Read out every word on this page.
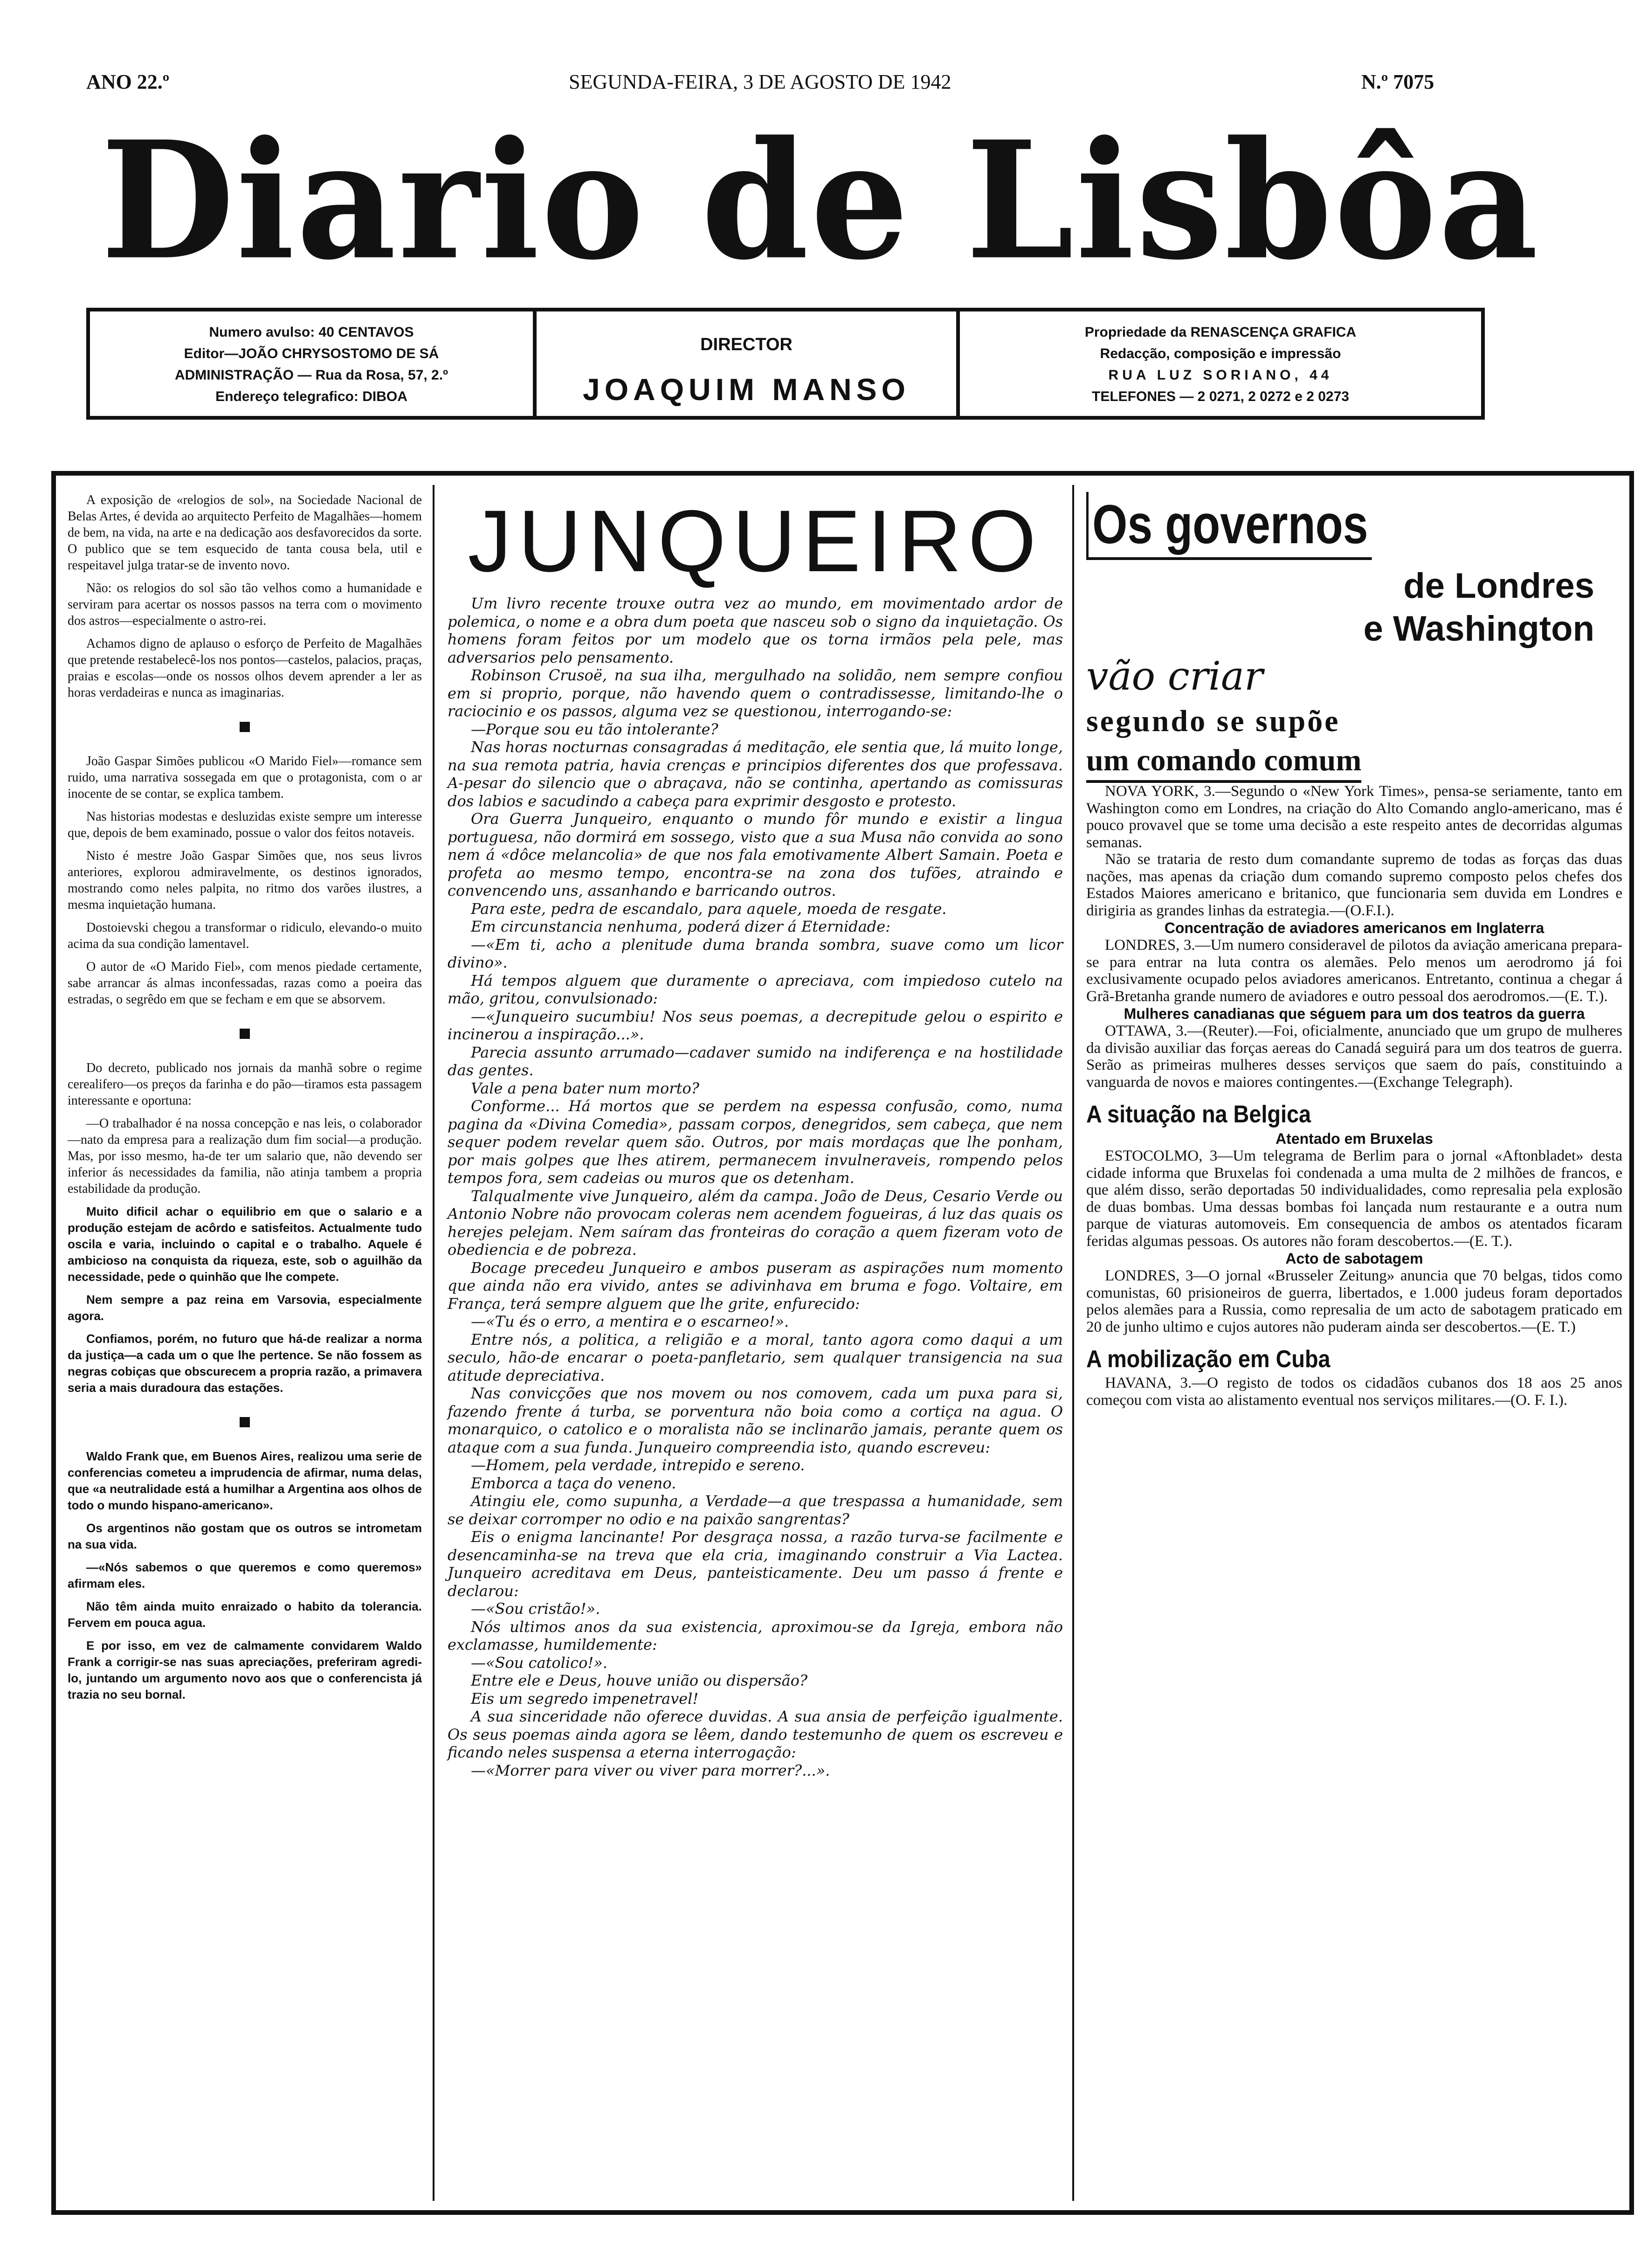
ANO 22.º	SEGUNDA-FEIRA, 3 DE AGOSTO DE 1942	N.º 7075
Diario de Lisbôa
Numero avulso: 40 CENTAVOS
Editor—JOÃO CHRYSOSTOMO DE SÁ
ADMINISTRAÇÃO — Rua da Rosa, 57, 2.º
Endereço telegrafico: DIBOA
DIRECTOR
JOAQUIM MANSO
Propriedade da RENASCENÇA GRAFICA
Redacção, composição e impressão
RUA LUZ SORIANO, 44
TELEFONES — 2 0271, 2 0272 e 2 0273

A exposição de «relogios de sol», na Sociedade Nacional de Belas Artes, é devida ao arquitecto Perfeito de Magalhães—homem de bem, na vida, na arte e na dedicação aos desfavorecidos da sorte. O publico que se tem esquecido de tanta cousa bela, util e respeitavel julga tratar-se de invento novo.

Não: os relogios do sol são tão velhos como a humanidade e serviram para acertar os nossos passos na terra com o movimento dos astros—especialmente o astro-rei.

Achamos digno de aplauso o esforço de Perfeito de Magalhães que pretende restabelecê-los nos pontos—castelos, palacios, praças, praias e escolas—onde os nossos olhos devem aprender a ler as horas verdadeiras e nunca as imaginarias.

João Gaspar Simões publicou «O Marido Fiel»—romance sem ruido, uma narrativa sossegada em que o protagonista, com o ar inocente de se contar, se explica tambem.

Nas historias modestas e desluzidas existe sempre um interesse que, depois de bem examinado, possue o valor dos feitos notaveis.

Nisto é mestre João Gaspar Simões que, nos seus livros anteriores, explorou admiravelmente, os destinos ignorados, mostrando como neles palpita, no ritmo dos varões ilustres, a mesma inquietação humana.

Dostoievski chegou a transformar o ridiculo, elevando-o muito acima da sua condição lamentavel.

O autor de «O Marido Fiel», com menos piedade certamente, sabe arrancar ás almas inconfessadas, razas como a poeira das estradas, o segrêdo em que se fecham e em que se absorvem.

Do decreto, publicado nos jornais da manhã sobre o regime cerealifero—os preços da farinha e do pão—tiramos esta passagem interessante e oportuna:

—O trabalhador é na nossa concepção e nas leis, o colaborador—nato da empresa para a realização dum fim social—a produção. Mas, por isso mesmo, ha-de ter um salario que, não devendo ser inferior ás necessidades da familia, não atinja tambem a propria estabilidade da produção.

Muito dificil achar o equilibrio em que o salario e a produção estejam de acôrdo e satisfeitos. Actualmente tudo oscila e varia, incluindo o capital e o trabalho. Aquele é ambicioso na conquista da riqueza, este, sob o aguilhão da necessidade, pede o quinhão que lhe compete.

Nem sempre a paz reina em Varsovia, especialmente agora.

Confiamos, porém, no futuro que há-de realizar a norma da justiça—a cada um o que lhe pertence. Se não fossem as negras cobiças que obscurecem a propria razão, a primavera seria a mais duradoura das estações.

Waldo Frank que, em Buenos Aires, realizou uma serie de conferencias cometeu a imprudencia de afirmar, numa delas, que «a neutralidade está a humilhar a Argentina aos olhos de todo o mundo hispano-americano».

Os argentinos não gostam que os outros se intrometam na sua vida.

—«Nós sabemos o que queremos e como queremos» afirmam eles.

Não têm ainda muito enraizado o habito da tolerancia. Fervem em pouca agua.

E por isso, em vez de calmamente convidarem Waldo Frank a corrigir-se nas suas apreciações, preferiram agredi-lo, juntando um argumento novo aos que o conferencista já trazia no seu bornal.

JUNQUEIRO

Um livro recente trouxe outra vez ao mundo, em movimentado ardor de polemica, o nome e a obra dum poeta que nasceu sob o signo da inquietação. Os homens foram feitos por um modelo que os torna irmãos pela pele, mas adversarios pelo pensamento.

Robinson Crusoë, na sua ilha, mergulhado na solidão, nem sempre confiou em si proprio, porque, não havendo quem o contradissesse, limitando-lhe o raciocinio e os passos, alguma vez se questionou, interrogando-se:

—Porque sou eu tão intolerante?

Nas horas nocturnas consagradas á meditação, ele sentia que, lá muito longe, na sua remota patria, havia crenças e principios diferentes dos que professava. A-pesar do silencio que o abraçava, não se continha, apertando as comissuras dos labios e sacudindo a cabeça para exprimir desgosto e protesto.

Ora Guerra Junqueiro, enquanto o mundo fôr mundo e existir a lingua portuguesa, não dormirá em sossego, visto que a sua Musa não convida ao sono nem á «dôce melancolia» de que nos fala emotivamente Albert Samain. Poeta e profeta ao mesmo tempo, encontra-se na zona dos tufões, atraindo e convencendo uns, assanhando e barricando outros.

Para este, pedra de escandalo, para aquele, moeda de resgate.

Em circunstancia nenhuma, poderá dizer á Eternidade:

—«Em ti, acho a plenitude duma branda sombra, suave como um licor divino».

Há tempos alguem que duramente o apreciava, com impiedoso cutelo na mão, gritou, convulsionado:

—«Junqueiro sucumbiu! Nos seus poemas, a decrepitude gelou o espirito e incinerou a inspiração...».

Parecia assunto arrumado—cadaver sumido na indiferença e na hostilidade das gentes.

Vale a pena bater num morto?

Conforme... Há mortos que se perdem na espessa confusão, como, numa pagina da «Divina Comedia», passam corpos, denegridos, sem cabeça, que nem sequer podem revelar quem são. Outros, por mais mordaças que lhe ponham, por mais golpes que lhes atirem, permanecem invulneraveis, rompendo pelos tempos fora, sem cadeias ou muros que os detenham.

Talqualmente vive Junqueiro, além da campa. João de Deus, Cesario Verde ou Antonio Nobre não provocam coleras nem acendem fogueiras, á luz das quais os herejes pelejam. Nem saíram das fronteiras do coração a quem fizeram voto de obediencia e de pobreza.

Bocage precedeu Junqueiro e ambos puseram as aspirações num momento que ainda não era vivido, antes se adivinhava em bruma e fogo. Voltaire, em França, terá sempre alguem que lhe grite, enfurecido:

—«Tu és o erro, a mentira e o escarneo!».

Entre nós, a politica, a religião e a moral, tanto agora como daqui a um seculo, hão-de encarar o poeta-panfletario, sem qualquer transigencia na sua atitude depreciativa.

Nas convicções que nos movem ou nos comovem, cada um puxa para si, fazendo frente á turba, se porventura não boia como a cortiça na agua. O monarquico, o catolico e o moralista não se inclinarão jamais, perante quem os ataque com a sua funda. Junqueiro compreendia isto, quando escreveu:

—Homem, pela verdade, intrepido e sereno.

Emborca a taça do veneno.

Atingiu ele, como supunha, a Verdade—a que trespassa a humanidade, sem se deixar corromper no odio e na paixão sangrentas?

Eis o enigma lancinante! Por desgraça nossa, a razão turva-se facilmente e desencaminha-se na treva que ela cria, imaginando construir a Via Lactea. Junqueiro acreditava em Deus, panteisticamente. Deu um passo á frente e declarou:

—«Sou cristão!».

Nós ultimos anos da sua existencia, aproximou-se da Igreja, embora não exclamasse, humildemente:

—«Sou catolico!».

Entre ele e Deus, houve união ou dispersão?

Eis um segredo impenetravel!

A sua sinceridade não oferece duvidas. A sua ansia de perfeição igualmente. Os seus poemas ainda agora se lêem, dando testemunho de quem os escreveu e ficando neles suspensa a eterna interrogação:

—«Morrer para viver ou viver para morrer?...».

Os governos
de Londres
e Washington
vão criar
segundo se supõe
um comando comum

NOVA YORK, 3.—Segundo o «New York Times», pensa-se seriamente, tanto em Washington como em Londres, na criação do Alto Comando anglo-americano, mas é pouco provavel que se tome uma decisão a este respeito antes de decorridas algumas semanas.

Não se trataria de resto dum comandante supremo de todas as forças das duas nações, mas apenas da criação dum comando supremo composto pelos chefes dos Estados Maiores americano e britanico, que funcionaria sem duvida em Londres e dirigiria as grandes linhas da estrategia.—(O.F.I.).

Concentração de aviadores americanos em Inglaterra

LONDRES, 3.—Um numero consideravel de pilotos da aviação americana prepara-se para entrar na luta contra os alemães. Pelo menos um aerodromo já foi exclusivamente ocupado pelos aviadores americanos. Entretanto, continua a chegar á Grã-Bretanha grande numero de aviadores e outro pessoal dos aerodromos.—(E. T.).

Mulheres canadianas que séguem para um dos teatros da guerra

OTTAWA, 3.—(Reuter).—Foi, oficialmente, anunciado que um grupo de mulheres da divisão auxiliar das forças aereas do Canadá seguirá para um dos teatros de guerra. Serão as primeiras mulheres desses serviços que saem do país, constituindo a vanguarda de novos e maiores contingentes.—(Exchange Telegraph).

A situação na Belgica
Atentado em Bruxelas

ESTOCOLMO, 3—Um telegrama de Berlim para o jornal «Aftonbladet» desta cidade informa que Bruxelas foi condenada a uma multa de 2 milhões de francos, e que além disso, serão deportadas 50 individualidades, como represalia pela explosão de duas bombas. Uma dessas bombas foi lançada num restaurante e a outra num parque de viaturas automoveis. Em consequencia de ambos os atentados ficaram feridas algumas pessoas. Os autores não foram descobertos.—(E. T.).

Acto de sabotagem

LONDRES, 3—O jornal «Brusseler Zeitung» anuncia que 70 belgas, tidos como comunistas, 60 prisioneiros de guerra, libertados, e 1.000 judeus foram deportados pelos alemães para a Russia, como represalia de um acto de sabotagem praticado em 20 de junho ultimo e cujos autores não puderam ainda ser descobertos.—(E. T.)

A mobilização em Cuba

HAVANA, 3.—O registo de todos os cidadãos cubanos dos 18 aos 25 anos começou com vista ao alistamento eventual nos serviços militares.—(O. F. I.).
